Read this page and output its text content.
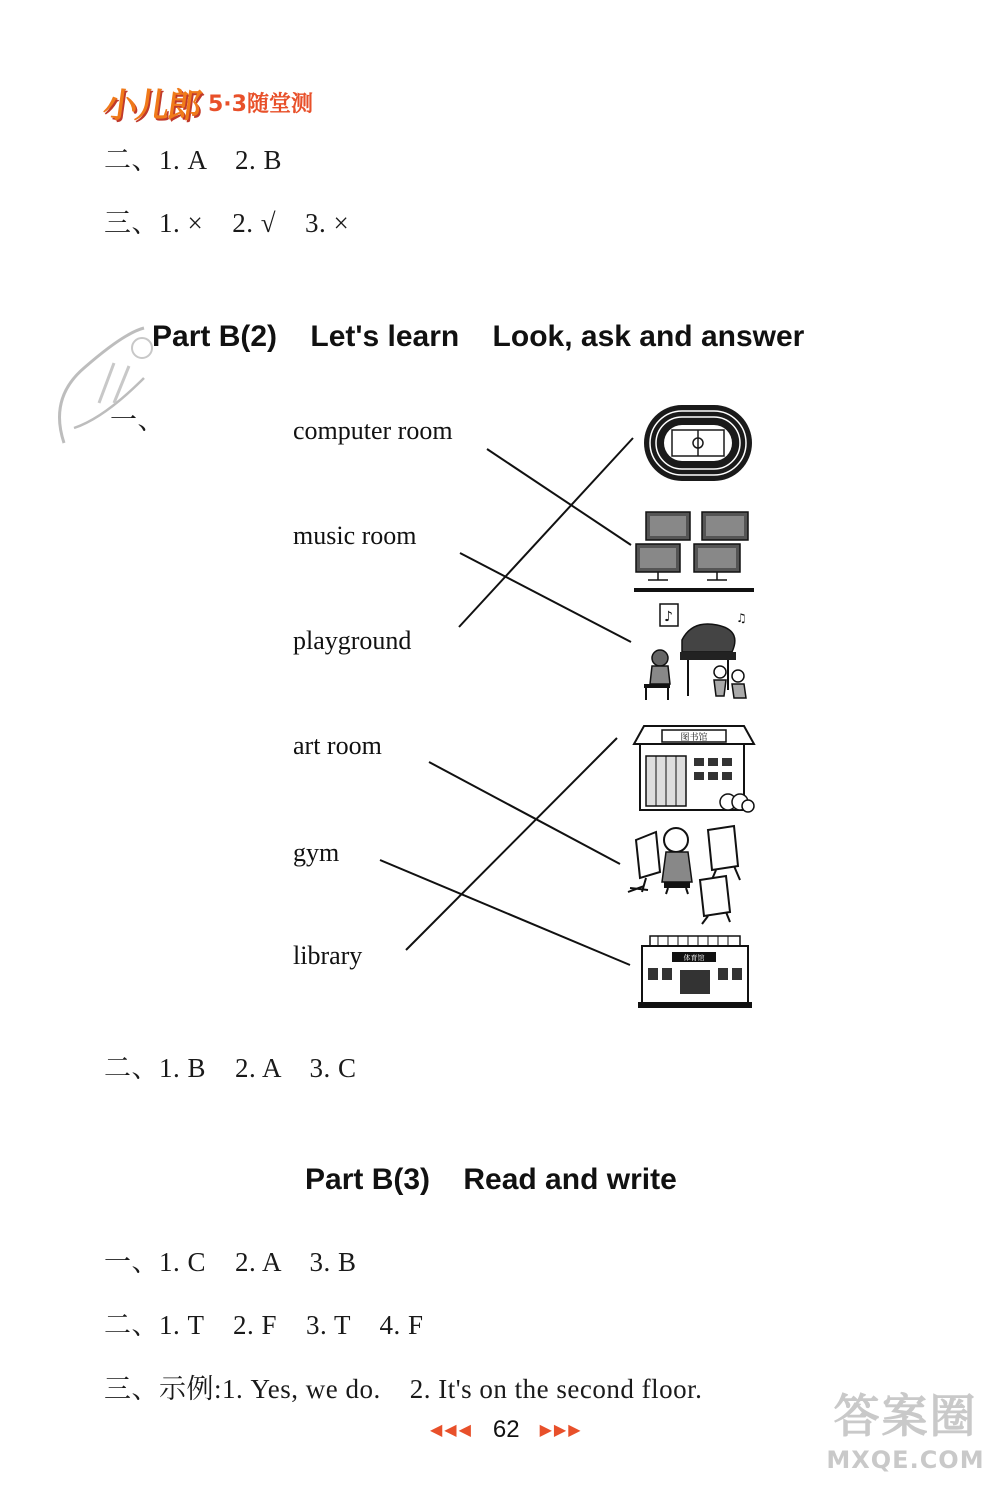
小儿郎 5·3随堂测
二、1. A    2. B
三、1. ×    2. √    3. ×
Part B(2)    Let's learn    Look, ask and answer
一、	computer room
music room
playground
art room
gym
library
♪	♫
图书馆
体育馆
二、1. B    2. A    3. C
Part B(3)    Read and write
一、1. C    2. A    3. B
二、1. T    2. F    3. T    4. F
三、示例:1. Yes, we do.    2. It's on the second floor.
◀◀◀ 62 ▶▶▶	答案圈
MXQE.COM
